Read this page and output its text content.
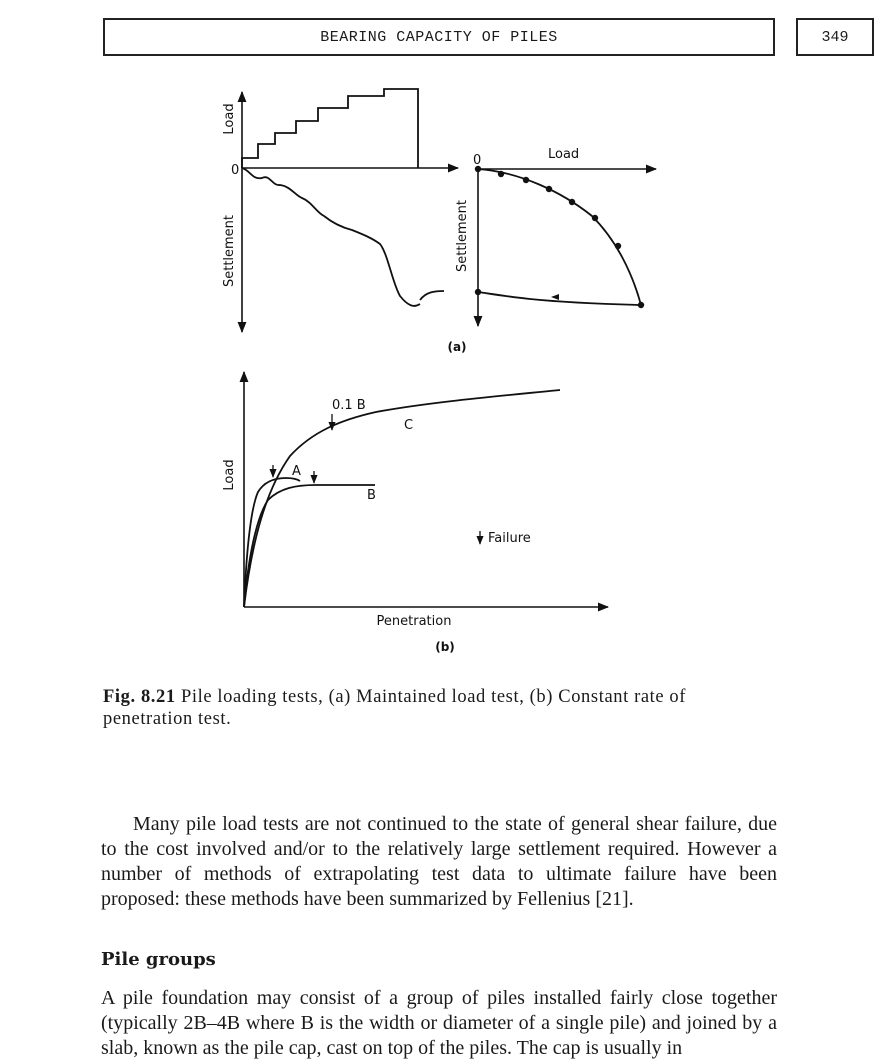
BEARING CAPACITY OF PILES	349
Load
Settlement
0
Load
Settlement
0
(a)
0.1 B
C
A
B
Load
Penetration
Failure
(b)
Fig. 8.21 Pile loading tests, (a) Maintained load test, (b) Constant rate of penetration test.

Many pile load tests are not continued to the state of general shear failure, due to the cost involved and/or to the relatively large settlement required. However a number of methods of extrapolating test data to ultimate failure have been proposed: these methods have been summarized by Fellenius [21].

Pile groups

A pile foundation may consist of a group of piles installed fairly close together (typically 2B–4B where B is the width or diameter of a single pile) and joined by a slab, known as the pile cap, cast on top of the piles. The cap is usually in
